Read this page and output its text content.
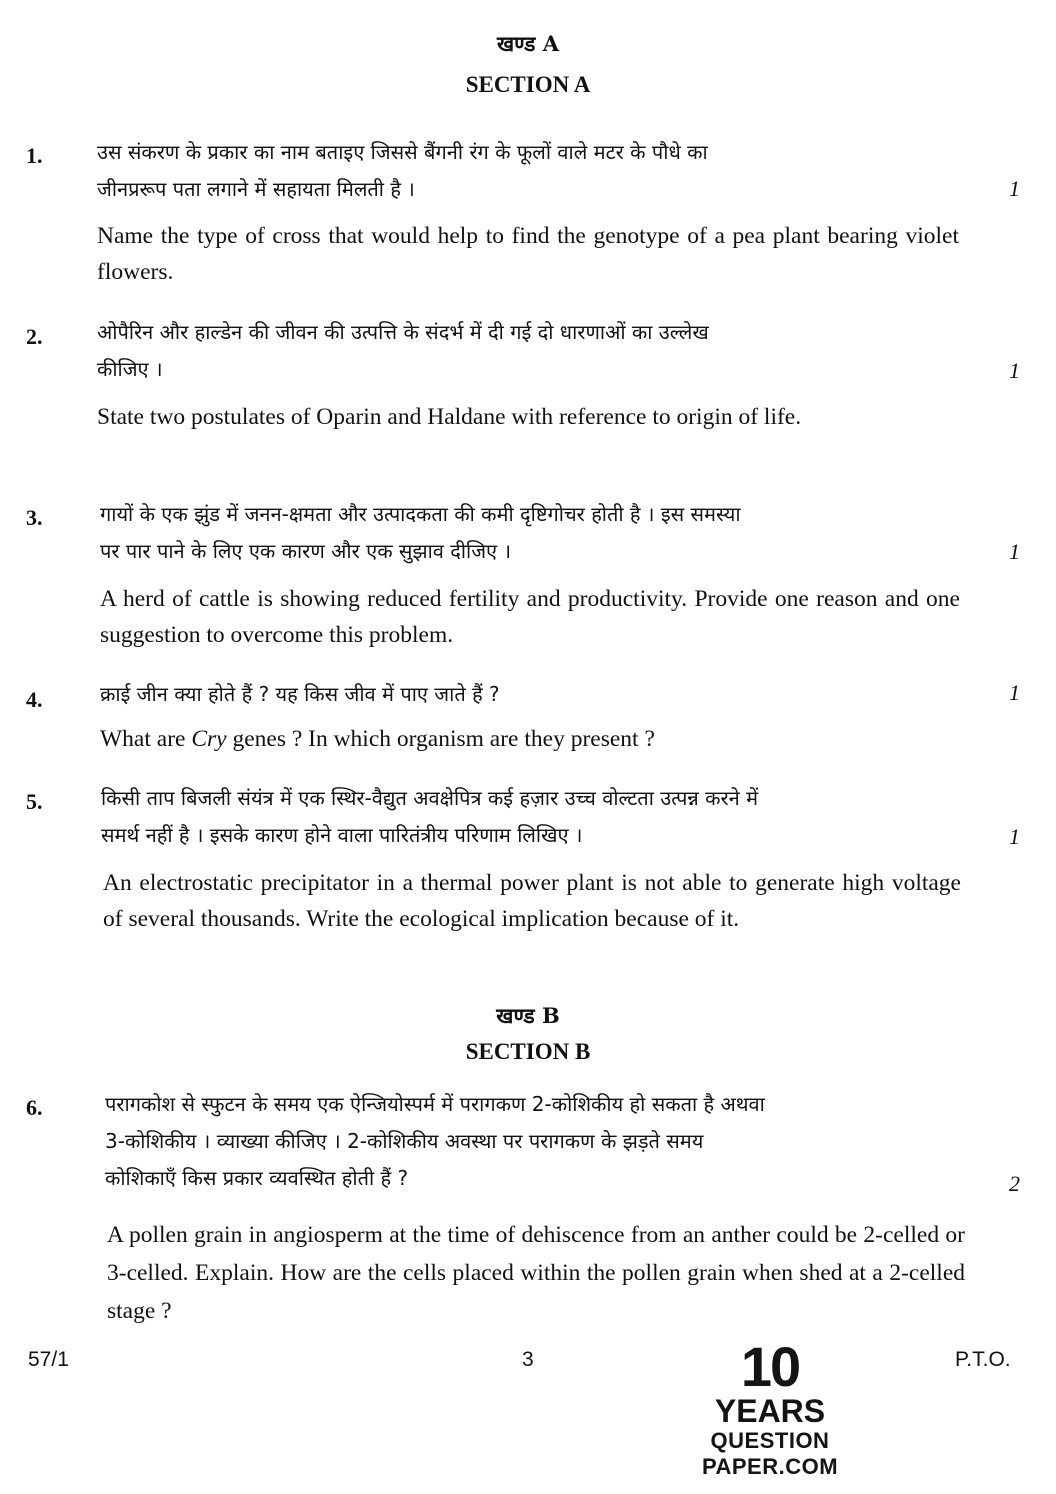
खण्ड A
SECTION A
1.	उस संकरण के प्रकार का नाम बताइए जिससे बैंगनी रंग के फूलों वाले मटर के पौधे का
जीनप्ररूप पता लगाने में सहायता मिलती है ।	1

Name the type of cross that would help to find the genotype of a pea plant bearing violet flowers.

2.	ओपैरिन और हाल्डेन की जीवन की उत्पत्ति के संदर्भ में दी गई दो धारणाओं का उल्लेख
कीजिए ।	1

State two postulates of Oparin and Haldane with reference to origin of life.

3.	गायों के एक झुंड में जनन-क्षमता और उत्पादकता की कमी दृष्टिगोचर होती है । इस समस्या
पर पार पाने के लिए एक कारण और एक सुझाव दीजिए ।	1

A herd of cattle is showing reduced fertility and productivity. Provide one reason and one suggestion to overcome this problem.

4.	क्राई जीन क्या होते हैं ? यह किस जीव में पाए जाते हैं ?	1

What are Cry genes ? In which organism are they present ?

5.	किसी ताप बिजली संयंत्र में एक स्थिर-वैद्युत अवक्षेपित्र कई हज़ार उच्च वोल्टता उत्पन्न करने में
समर्थ नहीं है । इसके कारण होने वाला पारितंत्रीय परिणाम लिखिए ।	1

An electrostatic precipitator in a thermal power plant is not able to generate high voltage of several thousands. Write the ecological implication because of it.

खण्ड B
SECTION B
6.	परागकोश से स्फुटन के समय एक ऐन्जियोस्पर्म में परागकण 2-कोशिकीय हो सकता है अथवा
3-कोशिकीय । व्याख्या कीजिए । 2-कोशिकीय अवस्था पर परागकण के झड़ते समय
कोशिकाएँ किस प्रकार व्यवस्थित होती हैं ?	2

A pollen grain in angiosperm at the time of dehiscence from an anther could be 2-celled or 3-celled. Explain. How are the cells placed within the pollen grain when shed at a 2-celled stage ?

57/1	3	P.T.O.
10
YEARS
QUESTION PAPER.COM
